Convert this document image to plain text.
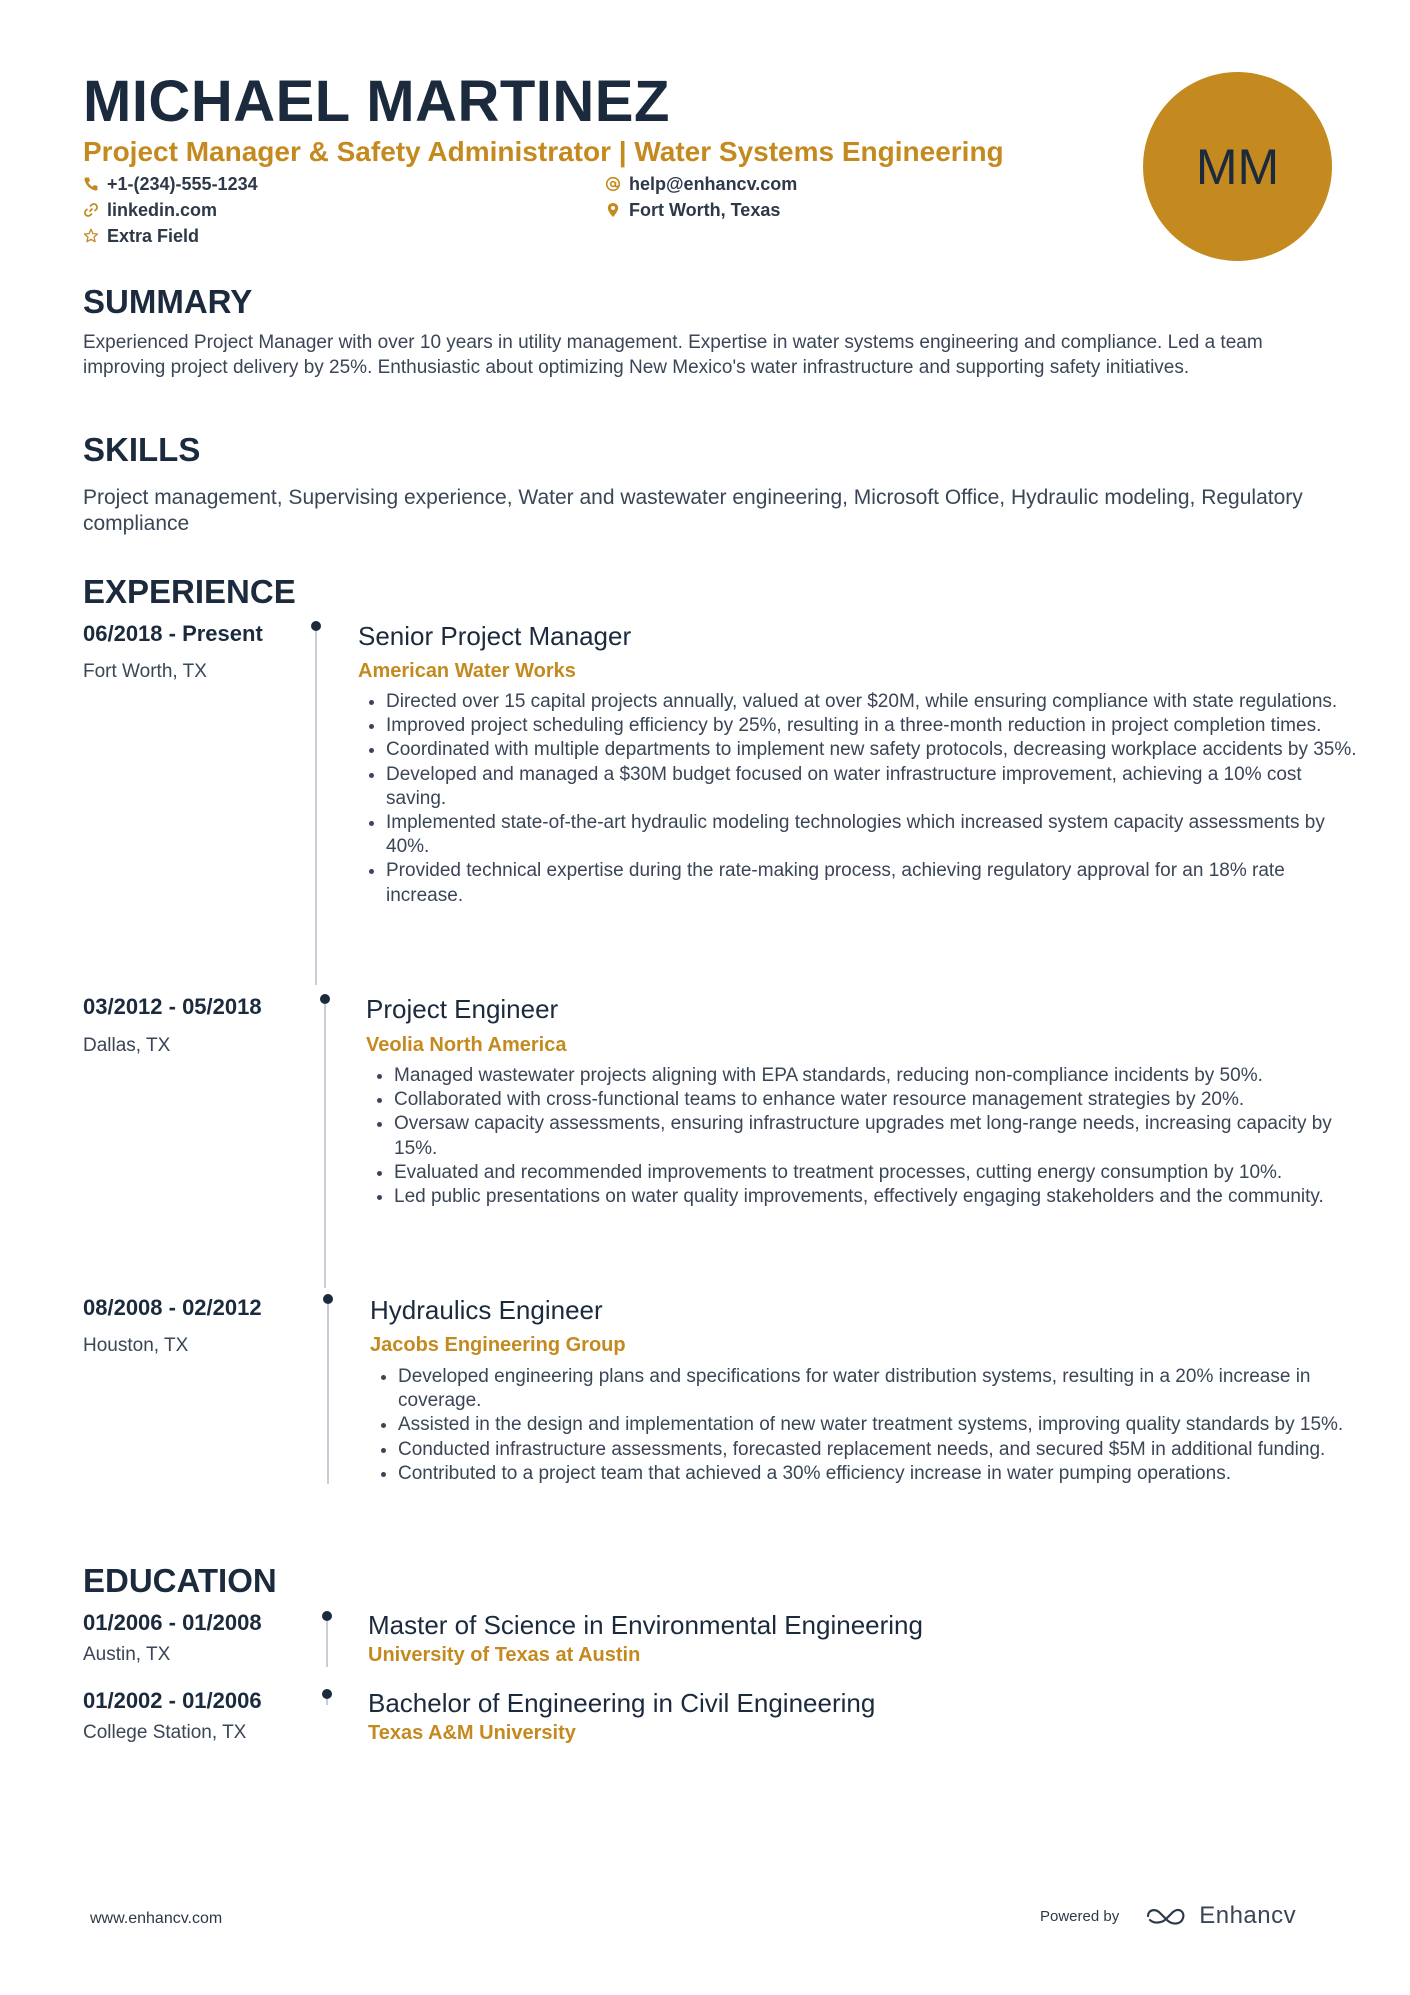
MICHAEL MARTINEZ
Project Manager & Safety Administrator | Water Systems Engineering
+1-(234)-555-1234	help@enhancv.com
linkedin.com	Fort Worth, Texas
Extra Field
MM
SUMMARY

Experienced Project Manager with over 10 years in utility management. Expertise in water systems engineering and compliance. Led a team improving project delivery by 25%. Enthusiastic about optimizing New Mexico's water infrastructure and supporting safety initiatives.

SKILLS

Project management, Supervising experience, Water and wastewater engineering, Microsoft Office, Hydraulic modeling, Regulatory compliance

EXPERIENCE
06/2018 - Present
Fort Worth, TX
Senior Project Manager
American Water Works
• Directed over 15 capital projects annually, valued at over $20M, while ensuring compliance with state regulations.
• Improved project scheduling efficiency by 25%, resulting in a three-month reduction in project completion times.
• Coordinated with multiple departments to implement new safety protocols, decreasing workplace accidents by 35%.
• Developed and managed a $30M budget focused on water infrastructure improvement, achieving a 10% cost saving.
• Implemented state-of-the-art hydraulic modeling technologies which increased system capacity assessments by 40%.
• Provided technical expertise during the rate-making process, achieving regulatory approval for an 18% rate increase.
03/2012 - 05/2018
Dallas, TX
Project Engineer
Veolia North America
• Managed wastewater projects aligning with EPA standards, reducing non-compliance incidents by 50%.
• Collaborated with cross-functional teams to enhance water resource management strategies by 20%.
• Oversaw capacity assessments, ensuring infrastructure upgrades met long-range needs, increasing capacity by 15%.
• Evaluated and recommended improvements to treatment processes, cutting energy consumption by 10%.
• Led public presentations on water quality improvements, effectively engaging stakeholders and the community.
08/2008 - 02/2012
Houston, TX
Hydraulics Engineer
Jacobs Engineering Group
• Developed engineering plans and specifications for water distribution systems, resulting in a 20% increase in coverage.
• Assisted in the design and implementation of new water treatment systems, improving quality standards by 15%.
• Conducted infrastructure assessments, forecasted replacement needs, and secured $5M in additional funding.
• Contributed to a project team that achieved a 30% efficiency increase in water pumping operations.
EDUCATION
01/2006 - 01/2008
Austin, TX
Master of Science in Environmental Engineering
University of Texas at Austin
01/2002 - 01/2006
College Station, TX
Bachelor of Engineering in Civil Engineering
Texas A&M University
www.enhancv.com	Powered by	Enhancv
